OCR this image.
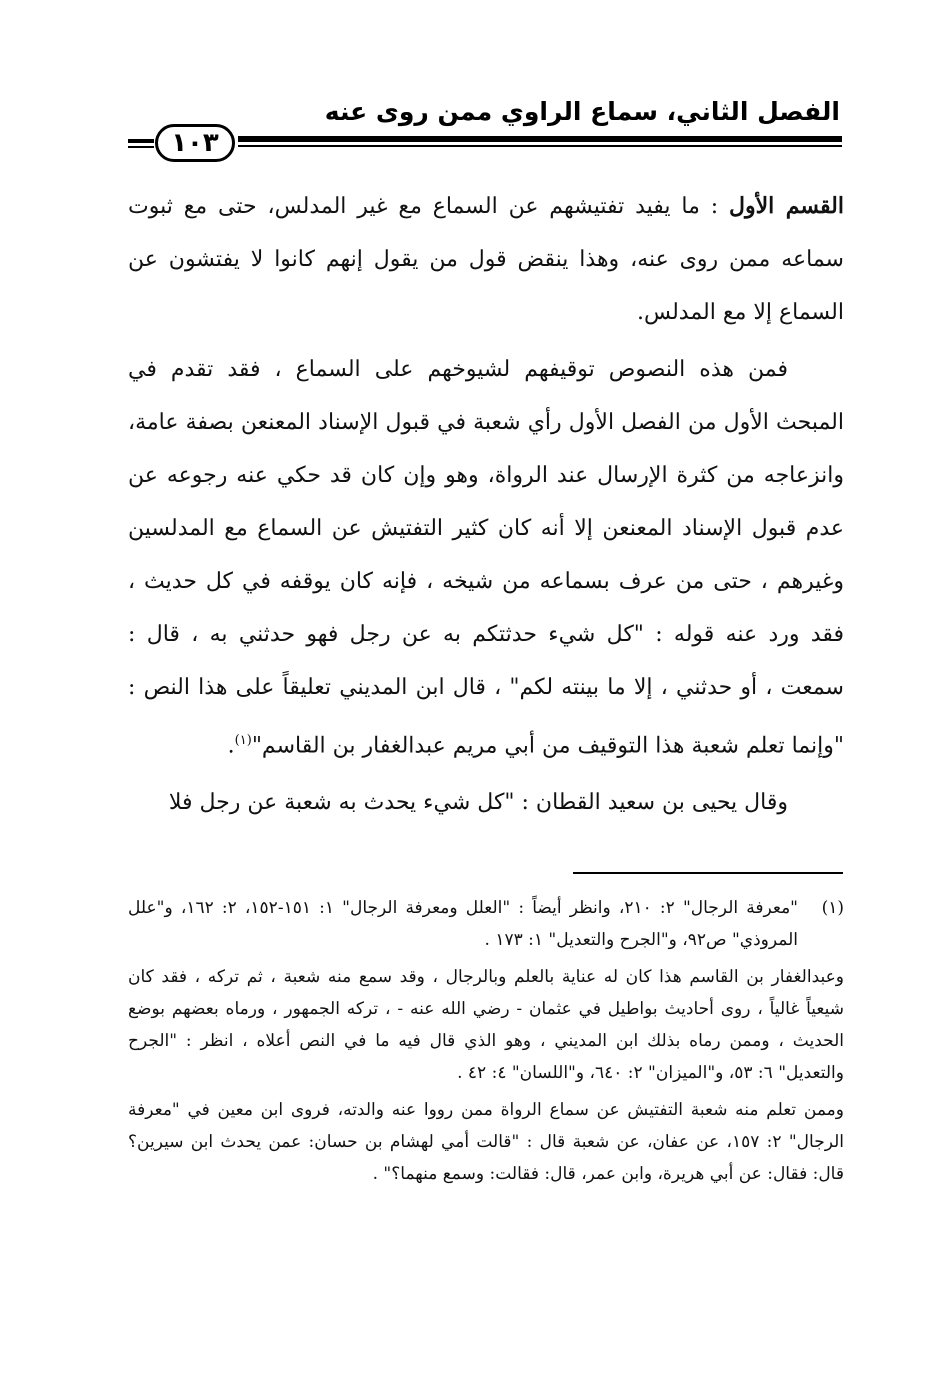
الفصل الثاني، سماع الراوي ممن روى عنه
١٠٣

القسم الأول : ما يفيد تفتيشهم عن السماع مع غير المدلس، حتى مع ثبوت سماعه ممن روى عنه، وهذا ينقض قول من يقول إنهم كانوا لا يفتشون عن السماع إلا مع المدلس.

فمن هذه النصوص توقيفهم لشيوخهم على السماع ، فقد تقدم في المبحث الأول من الفصل الأول رأي شعبة في قبول الإسناد المعنعن بصفة عامة، وانزعاجه من كثرة الإرسال عند الرواة، وهو وإن كان قد حكي عنه رجوعه عن عدم قبول الإسناد المعنعن إلا أنه كان كثير التفتيش عن السماع مع المدلسين وغيرهم ، حتى من عرف بسماعه من شيخه ، فإنه كان يوقفه في كل حديث ، فقد ورد عنه قوله : "كل شيء حدثتكم به عن رجل فهو حدثني به ، قال : سمعت ، أو حدثني ، إلا ما بينته لكم" ، قال ابن المديني تعليقاً على هذا النص : "وإنما تعلم شعبة هذا التوقيف من أبي مريم عبدالغفار بن القاسم"$^{(١)}$.

وقال يحيى بن سعيد القطان : "كل شيء يحدث به شعبة عن رجل فلا

(١)
"معرفة الرجال" ٢: ٢١٠، وانظر أيضاً : "العلل ومعرفة الرجال" ١: ١٥١-١٥٢، ٢: ١٦٢، و"علل المروذي" ص٩٢، و"الجرح والتعديل" ١: ١٧٣ .

وعبدالغفار بن القاسم هذا كان له عناية بالعلم وبالرجال ، وقد سمع منه شعبة ، ثم تركه ، فقد كان شيعياً غالياً ، روى أحاديث بواطيل في عثمان - رضي الله عنه - ، تركه الجمهور ، ورماه بعضهم بوضع الحديث ، وممن رماه بذلك ابن المديني ، وهو الذي قال فيه ما في النص أعلاه ، انظر : "الجرح والتعديل" ٦: ٥٣، و"الميزان" ٢: ٦٤٠، و"اللسان" ٤: ٤٢ .

وممن تعلم منه شعبة التفتيش عن سماع الرواة ممن رووا عنه والدته، فروى ابن معين في "معرفة الرجال" ٢: ١٥٧، عن عفان، عن شعبة قال : "قالت أمي لهشام بن حسان: عمن يحدث ابن سيرين؟ قال: فقال: عن أبي هريرة، وابن عمر، قال: فقالت: وسمع منهما؟" .
